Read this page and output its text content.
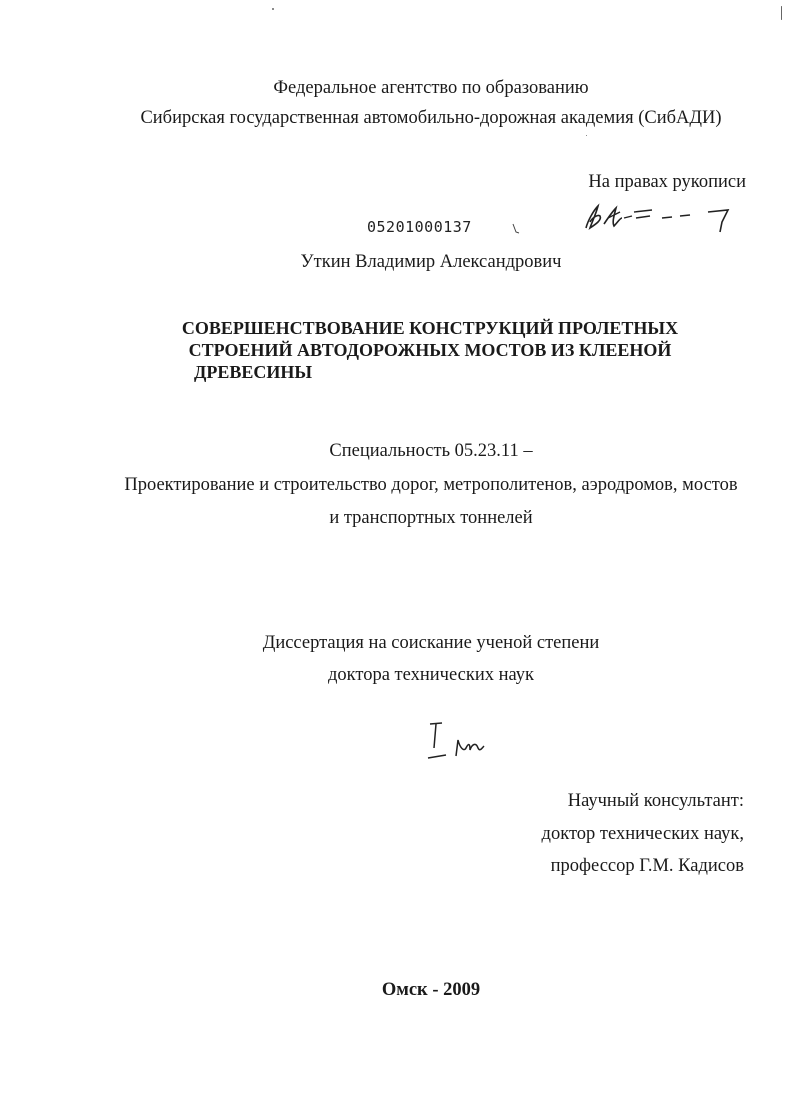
Федеральное агентство по образованию
Сибирская государственная автомобильно-дорожная академия (СибАДИ)
На правах рукописи
05201000137
Уткин Владимир Александрович
СОВЕРШЕНСТВОВАНИЕ КОНСТРУКЦИЙ ПРОЛЕТНЫХ
СТРОЕНИЙ АВТОДОРОЖНЫХ МОСТОВ ИЗ КЛЕЕНОЙ
ДРЕВЕСИНЫ
Специальность 05.23.11 –
Проектирование и строительство дорог, метрополитенов, аэродромов, мостов
и транспортных тоннелей
Диссертация на соискание ученой степени
доктора технических наук
Научный консультант:
доктор технических наук,
профессор Г.М. Кадисов
Омск - 2009
